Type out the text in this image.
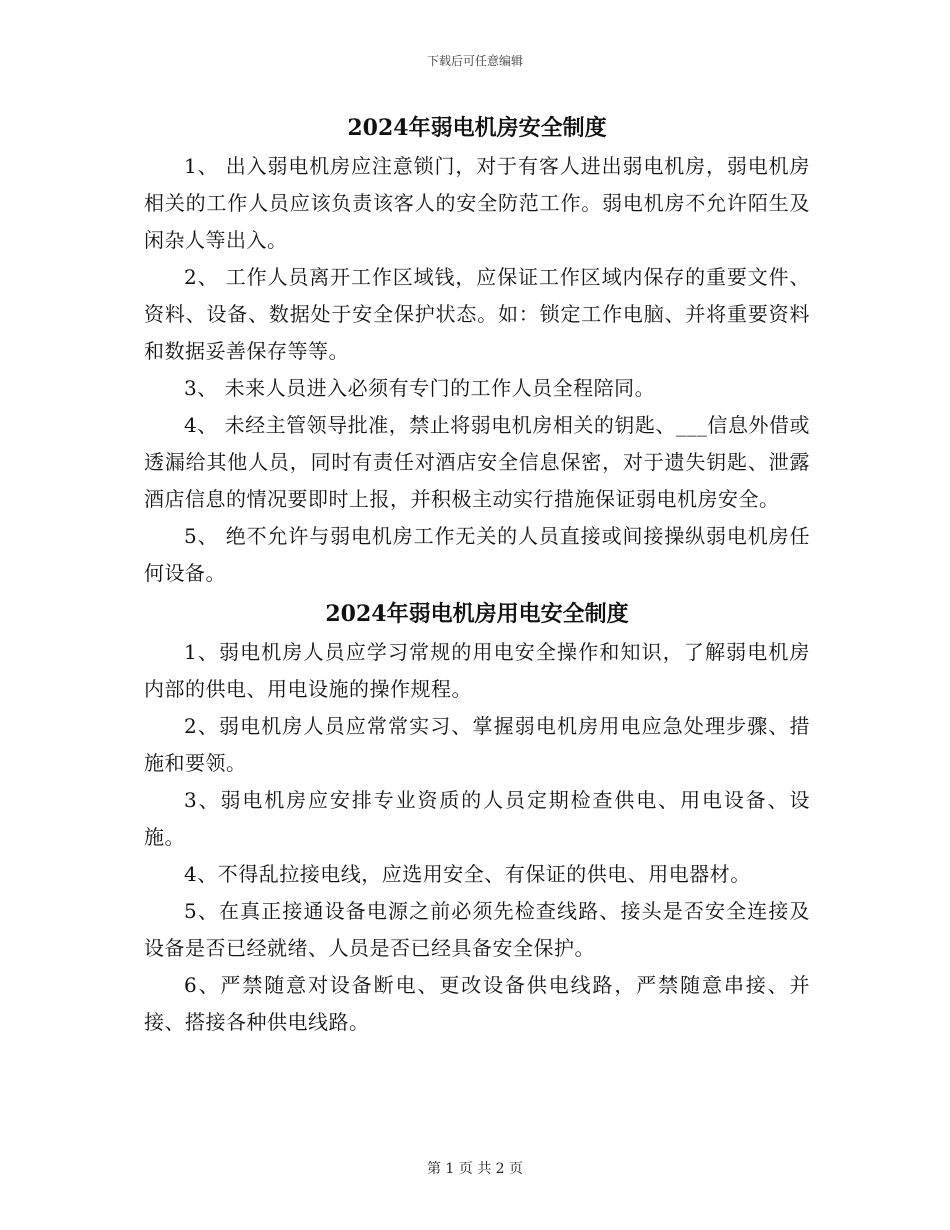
下载后可任意编辑
2024年弱电机房安全制度

1、 出入弱电机房应注意锁门，对于有客人进出弱电机房，弱电机房相关的工作人员应该负责该客人的安全防范工作。弱电机房不允许陌生及闲杂人等出入。

2、 工作人员离开工作区域钱，应保证工作区域内保存的重要文件、资料、设备、数据处于安全保护状态。如：锁定工作电脑、并将重要资料和数据妥善保存等等。

3、 未来人员进入必须有专门的工作人员全程陪同。

4、 未经主管领导批准，禁止将弱电机房相关的钥匙、___信息外借或透漏给其他人员，同时有责任对酒店安全信息保密，对于遗失钥匙、泄露酒店信息的情况要即时上报，并积极主动实行措施保证弱电机房安全。

5、 绝不允许与弱电机房工作无关的人员直接或间接操纵弱电机房任何设备。

2024年弱电机房用电安全制度

1、弱电机房人员应学习常规的用电安全操作和知识，了解弱电机房内部的供电、用电设施的操作规程。

2、弱电机房人员应常常实习、掌握弱电机房用电应急处理步骤、措施和要领。

3、弱电机房应安排专业资质的人员定期检查供电、用电设备、设施。

4、不得乱拉接电线，应选用安全、有保证的供电、用电器材。

5、在真正接通设备电源之前必须先检查线路、接头是否安全连接及设备是否已经就绪、人员是否已经具备安全保护。

6、严禁随意对设备断电、更改设备供电线路，严禁随意串接、并接、搭接各种供电线路。

第 1 页 共 2 页
